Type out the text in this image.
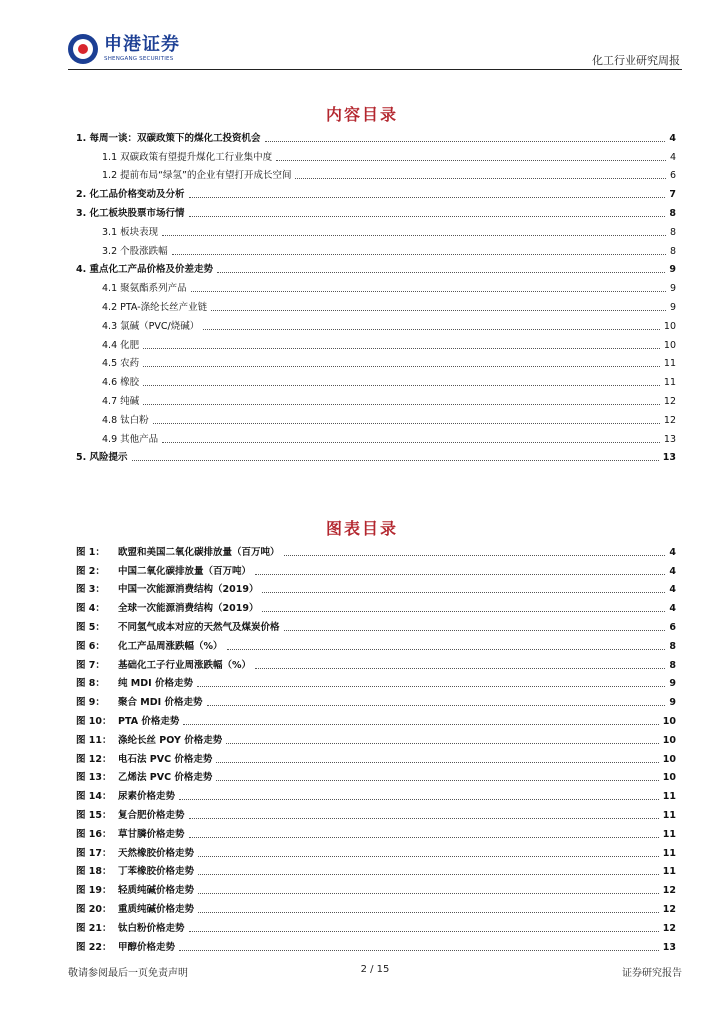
申港证券
SHENGANG SECURITIES	化工行业研究周报
内容目录
1. 每周一谈：双碳政策下的煤化工投资机会	4
1.1 双碳政策有望提升煤化工行业集中度	4
1.2 提前布局“绿氢”的企业有望打开成长空间	6
2. 化工品价格变动及分析	7
3. 化工板块股票市场行情	8
3.1 板块表现	8
3.2 个股涨跌幅	8
4. 重点化工产品价格及价差走势	9
4.1 聚氨酯系列产品	9
4.2 PTA-涤纶长丝产业链	9
4.3 氯碱（PVC/烧碱）	10
4.4 化肥	10
4.5 农药	11
4.6 橡胶	11
4.7 纯碱	12
4.8 钛白粉	12
4.9 其他产品	13
5. 风险提示	13
图表目录
图 1：	欧盟和美国二氧化碳排放量（百万吨）	4
图 2：	中国二氧化碳排放量（百万吨）	4
图 3：	中国一次能源消费结构（2019）	4
图 4：	全球一次能源消费结构（2019）	4
图 5：	不同氢气成本对应的天然气及煤炭价格	6
图 6：	化工产品周涨跌幅（%）	8
图 7：	基础化工子行业周涨跌幅（%）	8
图 8：	纯 MDI 价格走势	9
图 9：	聚合 MDI 价格走势	9
图 10： PTA 价格走势	10
图 11： 涤纶长丝 POY 价格走势	10
图 12： 电石法 PVC 价格走势	10
图 13： 乙烯法 PVC 价格走势	10
图 14： 尿素价格走势	11
图 15： 复合肥价格走势	11
图 16： 草甘膦价格走势	11
图 17： 天然橡胶价格走势	11
图 18： 丁苯橡胶价格走势	11
图 19： 轻质纯碱价格走势	12
图 20： 重质纯碱价格走势	12
图 21： 钛白粉价格走势	12
图 22： 甲醇价格走势	13
敬请参阅最后一页免责声明	2 / 15	证券研究报告
